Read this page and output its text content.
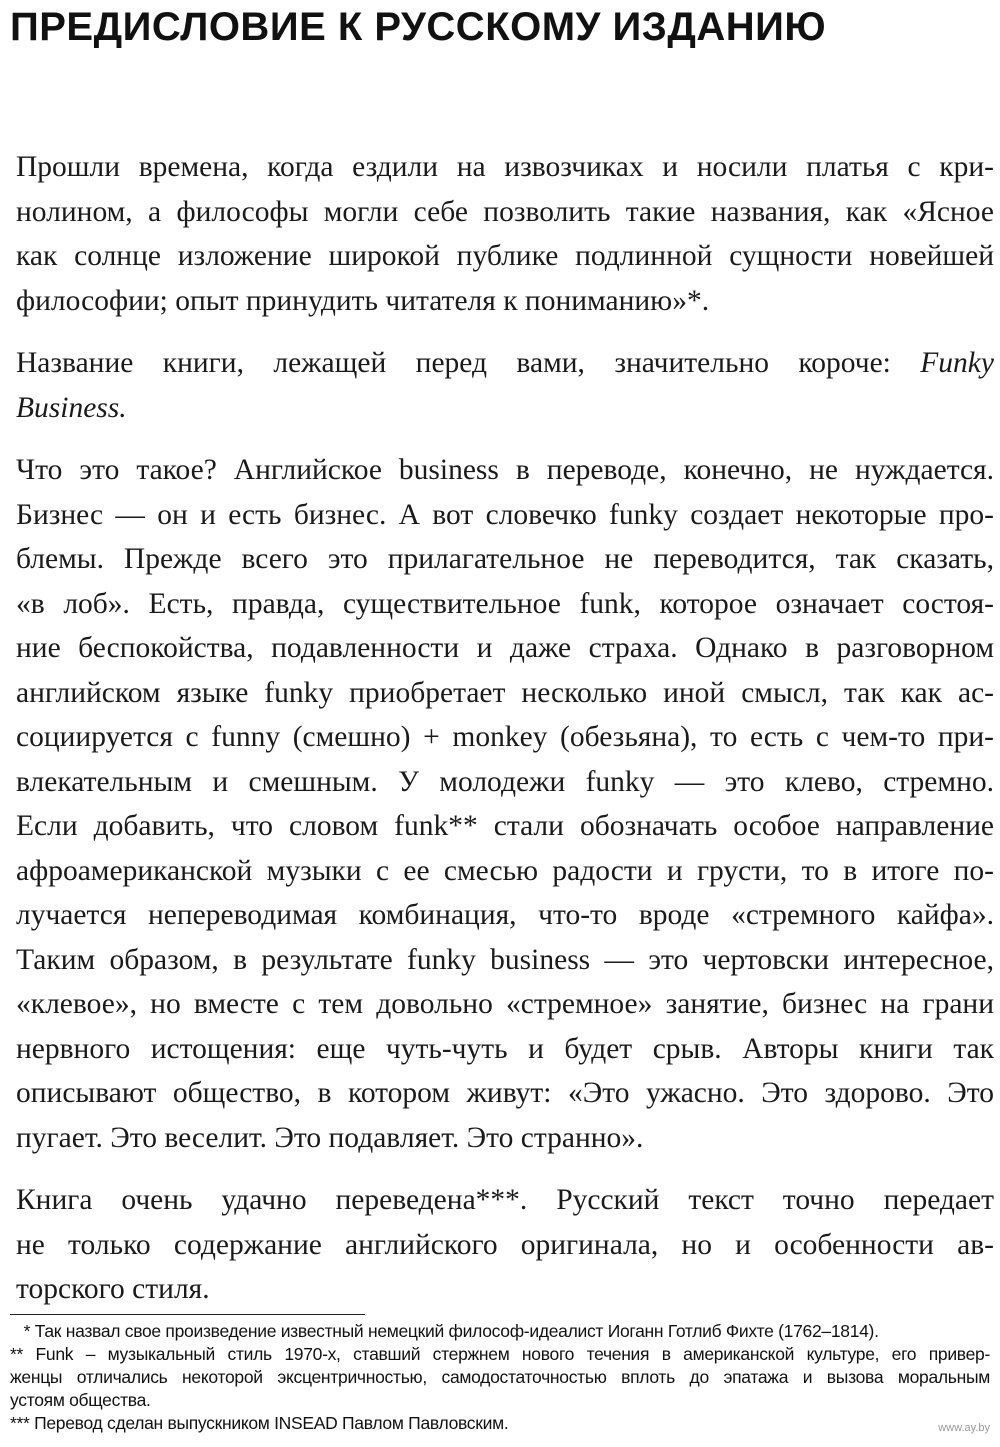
ПРЕДИСЛОВИЕ К РУССКОМУ ИЗДАНИЮ

Прошли времена, когда ездили на извозчиках и носили платья с кри-
нолином, а философы могли себе позволить такие названия, как «Ясное
как солнце изложение широкой публике подлинной сущности новейшей
философии; опыт принудить читателя к пониманию»*.

Название книги, лежащей перед вами, значительно короче: Funky
Business.

Что это такое? Английское business в переводе, конечно, не нуждается.
Бизнес — он и есть бизнес. А вот словечко funky создает некоторые про-
блемы. Прежде всего это прилагательное не переводится, так сказать,
«в лоб». Есть, правда, существительное funk, которое означает состоя-
ние беспокойства, подавленности и даже страха. Однако в разговорном
английском языке funky приобретает несколько иной смысл, так как ас-
социируется с funny (смешно) + monkey (обезьяна), то есть с чем-то при-
влекательным и смешным. У молодежи funky — это клево, стремно.
Если добавить, что словом funk** стали обозначать особое направление
афроамериканской музыки с ее смесью радости и грусти, то в итоге по-
лучается непереводимая комбинация, что-то вроде «стремного кайфа».
Таким образом, в результате funky business — это чертовски интересное,
«клевое», но вместе с тем довольно «стремное» занятие, бизнес на грани
нервного истощения: еще чуть-чуть и будет срыв. Авторы книги так
описывают общество, в котором живут: «Это ужасно. Это здорово. Это
пугает. Это веселит. Это подавляет. Это странно».

Книга очень удачно переведена***. Русский текст точно передает
не только содержание английского оригинала, но и особенности ав-
торского стиля.

* Так назвал свое произведение известный немецкий философ-идеалист Иоганн Готлиб Фихте (1762–1814).

** Funk – музыкальный стиль 1970-х, ставший стержнем нового течения в американской культуре, его привер-
женцы отличались некоторой эксцентричностью, самодостаточностью вплоть до эпатажа и вызова моральным
устоям общества.

*** Перевод сделан выпускником INSEAD Павлом Павловским.	www.ay.by
